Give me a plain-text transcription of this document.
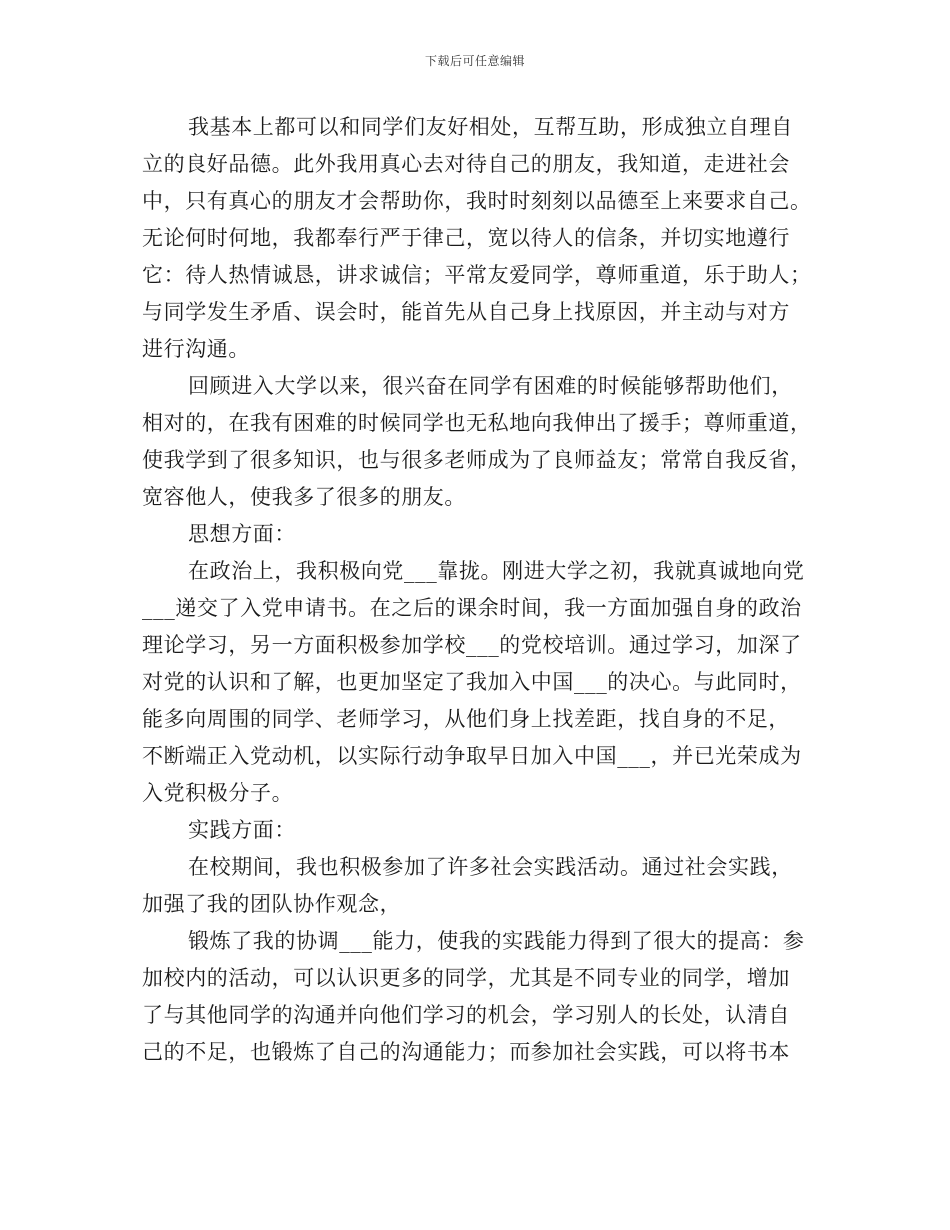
下载后可任意编辑
我基本上都可以和同学们友好相处，互帮互助，形成独立自理自
立的良好品德。此外我用真心去对待自己的朋友，我知道，走进社会
中，只有真心的朋友才会帮助你，我时时刻刻以品德至上来要求自己。
无论何时何地，我都奉行严于律己，宽以待人的信条，并切实地遵行
它：待人热情诚恳，讲求诚信；平常友爱同学，尊师重道，乐于助人；
与同学发生矛盾、误会时，能首先从自己身上找原因，并主动与对方
进行沟通。
回顾进入大学以来，很兴奋在同学有困难的时候能够帮助他们，
相对的，在我有困难的时候同学也无私地向我伸出了援手；尊师重道，
使我学到了很多知识，也与很多老师成为了良师益友；常常自我反省，
宽容他人，使我多了很多的朋友。
思想方面：
在政治上，我积极向党___靠拢。刚进大学之初，我就真诚地向党
___递交了入党申请书。在之后的课余时间，我一方面加强自身的政治
理论学习，另一方面积极参加学校___的党校培训。通过学习，加深了
对党的认识和了解，也更加坚定了我加入中国___的决心。与此同时，
能多向周围的同学、老师学习，从他们身上找差距，找自身的不足，
不断端正入党动机，以实际行动争取早日加入中国___，并已光荣成为
入党积极分子。
实践方面：
在校期间，我也积极参加了许多社会实践活动。通过社会实践，
加强了我的团队协作观念，
锻炼了我的协调___能力，使我的实践能力得到了很大的提高：参
加校内的活动，可以认识更多的同学，尤其是不同专业的同学，增加
了与其他同学的沟通并向他们学习的机会，学习别人的长处，认清自
己的不足，也锻炼了自己的沟通能力；而参加社会实践，可以将书本
